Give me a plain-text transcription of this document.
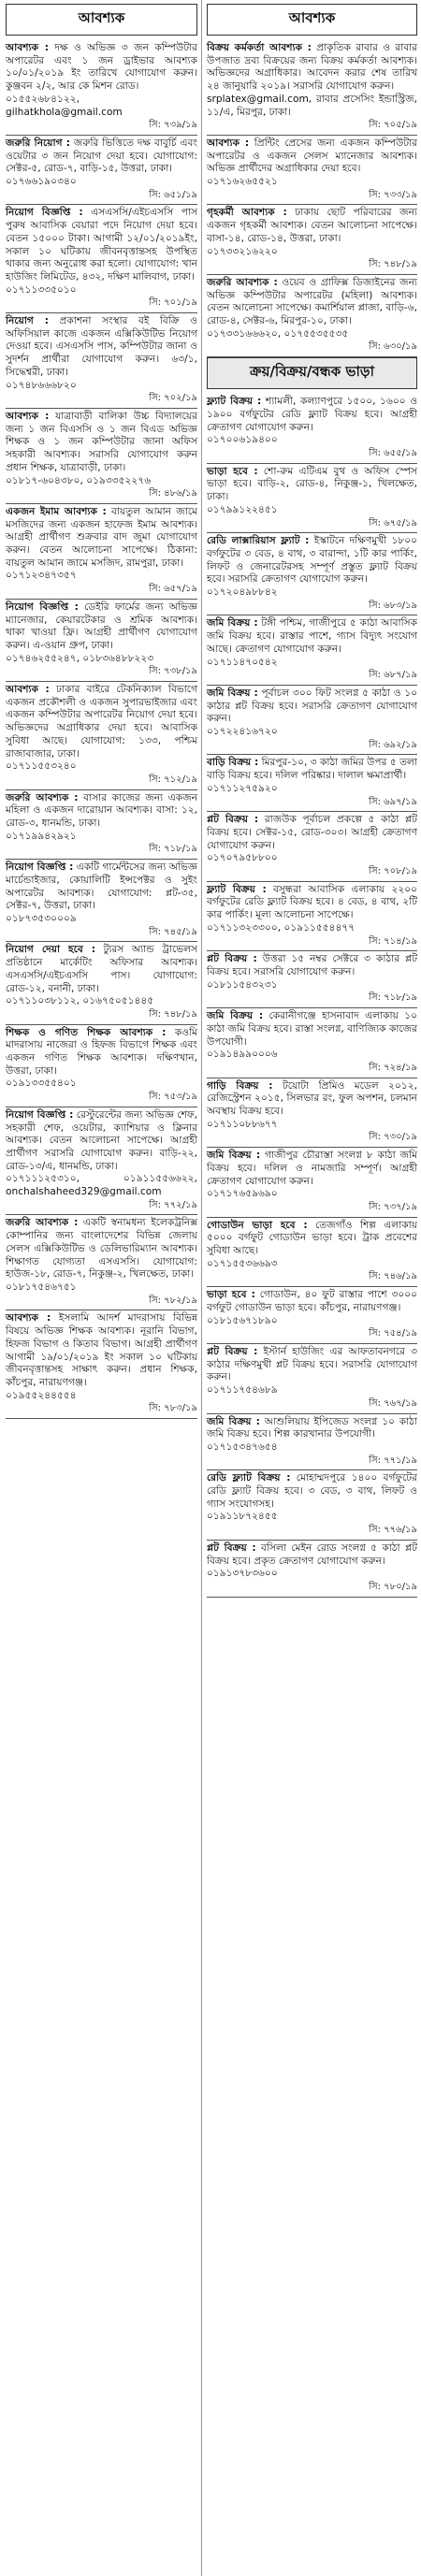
আবশ্যক

আবশ্যক : দক্ষ ও অভিজ্ঞ ৩ জন কম্পিউটার অপারেটর এবং ১ জন ড্রাইভার আবশ্যক ১০/০১/২০১৯ ইং তারিখে যোগাযোগ করুন। কুঞ্জবন ২/২, আর কে মিশন রোড।
০১৫৫২৬৮৪১২২, gilhatkhola@gmail.com
সি: ৭৩৯/১৯

জরুরি নিয়োগ : জরুরি ভিত্তিতে দক্ষ বাবুর্চি এবং ওয়েটার ৩ জন নিয়োগ দেয়া হবে। যোগাযোগ: সেক্টর-৫, রোড-৭, বাড়ি-১৫, উত্তরা, ঢাকা।
০১৭৬৬১৯০৩৪০
সি: ৬৫১/১৯

নিয়োগ বিজ্ঞপ্তি : এসএসসি/এইচএসসি পাস পুরুষ আবাসিক বেয়ারা পদে নিয়োগ দেয়া হবে। বেতন ১৫০০০ টাকা। আগামী ১২/০১/২০১৯ইং, সকাল ১০ ঘটিকায় জীবনবৃত্তান্তসহ উপস্থিত থাকার জন্য অনুরোধ করা হলো। যোগাযোগ: খান হাউজিং লিমিটেড, ৪৩২, দক্ষিণ মালিবাগ, ঢাকা।
০১৭১১৩৩৫০১০
সি: ৭০১/১৯

নিয়োগ : প্রকাশনা সংস্থার বই বিক্রি ও অফিসিয়াল কাজে একজন এক্সিকিউটিভ নিয়োগ দেওয়া হবে। এসএসসি পাস, কম্পিউটার জানা ও সুদর্শন প্রার্থীরা যোগাযোগ করুন। ৬৩/১, সিদ্ধেশ্বরী, ঢাকা।
০১৭৪৮৬৬৬৮২০
সি: ৭০২/১৯

আবশ্যক : যাত্রাবাড়ী বালিকা উচ্চ বিদ্যালয়ের জন্য ১ জন বিএসসি ও ১ জন বিএড অভিজ্ঞ শিক্ষক ও ১ জন কম্পিউটার জানা অফিস সহকারী আবশ্যক। সরাসরি যোগাযোগ করুন প্রধান শিক্ষক, যাত্রাবাড়ী, ঢাকা।
০১৮১৭-৬০৪৩৮০, ০১৯৩৩৫২২৭৬
সি: ৪৮৬/১৯

একজন ইমাম আবশ্যক : বায়তুল আমান জামে মসজিদের জন্য একজন হাফেজ ইমাম আবশ্যক। আগ্রহী প্রার্থীগণ শুক্রবার বাদ জুমা যোগাযোগ করুন। বেতন আলোচনা সাপেক্ষে। ঠিকানা: বায়তুল আমান জামে মসজিদ, রামপুরা, ঢাকা।
০১৭১২৩৪৭৩৫৭
সি: ৬৫৭/১৯

নিয়োগ বিজ্ঞপ্তি : ডেইরি ফার্মের জন্য অভিজ্ঞ ম্যানেজার, কেয়ারটেকার ও শ্রমিক আবশ্যক। থাকা খাওয়া ফ্রি। আগ্রহী প্রার্থীগণ যোগাযোগ করুন। এ-ওয়ান গ্রুপ, ঢাকা।
০১৭৪৬২৫৫২৪৭, ০১৮৩৬৪৮৮২২৩
সি: ৭৩৮/১৯

আবশ্যক : ঢাকার বাইরে টেকনিক্যাল বিভাগে একজন প্রকৌশলী ও একজন সুপারভাইজার এবং একজন কম্পিউটার অপারেটর নিয়োগ দেয়া হবে। অভিজ্ঞদের অগ্রাধিকার দেয়া হবে। আবাসিক সুবিধা আছে। যোগাযোগ: ১৩৩, পশ্চিম রাজাবাজার, ঢাকা।
০১৭১১৫৫৩২৪০
সি: ৭১২/১৯

জরুরি আবশ্যক : বাসার কাজের জন্য একজন মহিলা ও একজন দারোয়ান আবশ্যক। বাসা: ১২, রোড-৩, ধানমন্ডি, ঢাকা।
০১৭১৯৯৪২৯২১
সি: ৭১৮/১৯

নিয়োগ বিজ্ঞপ্তি : একটি গার্মেন্টসের জন্য অভিজ্ঞ মার্চেন্ডাইজার, কোয়ালিটি ইন্সপেক্টর ও সুইং অপারেটর আবশ্যক। যোগাযোগ: প্লট-৩৫, সেক্টর-৭, উত্তরা, ঢাকা।
০১৮৭৩৫৩০০০৯
সি: ৭৪৫/১৯

নিয়োগ দেয়া হবে : ট্যুরস অ্যান্ড ট্রাভেলস প্রতিষ্ঠানে মার্কেটিং অফিসার আবশ্যক। এসএসসি/এইচএসসি পাস। যোগাযোগ: রোড-১২, বনানী, ঢাকা।
০১৭১১০৩৮১১২, ০১৬৭৫০৫১৪৪৫
সি: ৭৪৮/১৯

শিক্ষক ও গণিত শিক্ষক আবশ্যক : কওমি মাদরাসায় নাজেরা ও হিফজ বিভাগে শিক্ষক এবং একজন গণিত শিক্ষক আবশ্যক। দক্ষিণখান, উত্তরা, ঢাকা।
০১৯১৩৩৫৫৪০১
সি: ৭৫৩/১৯

নিয়োগ বিজ্ঞপ্তি : রেস্টুরেন্টের জন্য অভিজ্ঞ শেফ, সহকারী শেফ, ওয়েটার, ক্যাশিয়ার ও ক্লিনার আবশ্যক। বেতন আলোচনা সাপেক্ষে। আগ্রহী প্রার্থীগণ সরাসরি যোগাযোগ করুন। বাড়ি-২২, রোড-১৩/এ, ধানমন্ডি, ঢাকা।
০১৭১১১২৫৩১০, ০১৯১১৫৫৬৬২২, onchalshaheed329@gmail.com
সি: ৭৭২/১৯

জরুরি আবশ্যক : একটি স্বনামধন্য ইলেকট্রনিক্স কোম্পানির জন্য বাংলাদেশের বিভিন্ন জেলায় সেলস এক্সিকিউটিভ ও ডেলিভারিম্যান আবশ্যক। শিক্ষাগত যোগ্যতা এসএসসি। যোগাযোগ: হাউজ-১৮, রোড-৭, নিকুঞ্জ-২, খিলক্ষেত, ঢাকা।
০১৮১৭৫৪৬৭৫১
সি: ৭৮২/১৯

আবশ্যক : ইসলামি আদর্শ মাদরাসায় বিভিন্ন বিষয়ে অভিজ্ঞ শিক্ষক আবশ্যক। নূরানি বিভাগ, হিফজ বিভাগ ও কিতাব বিভাগ। আগ্রহী প্রার্থীগণ আগামী ১৯/০১/২০১৯ ইং সকাল ১০ ঘটিকায় জীবনবৃত্তান্তসহ সাক্ষাৎ করুন। প্রধান শিক্ষক, কাঁচপুর, নারায়ণগঞ্জ।
০১৯৫৫২৪৪৫৫৪
সি: ৭৮৩/১৯

আবশ্যক

বিক্রয় কর্মকর্তা আবশ্যক : প্রাকৃতিক রাবার ও রাবার উপজাত দ্রব্য বিক্রয়ের জন্য বিক্রয় কর্মকর্তা আবশ্যক। অভিজ্ঞদের অগ্রাধিকার। আবেদন করার শেষ তারিখ ২৪ জানুয়ারি ২০১৯। সরাসরি যোগাযোগ করুন।
srplatex@gmail.com, রাবার প্রসেসিং ইন্ডাস্ট্রিজ, ১১/এ, মিরপুর, ঢাকা।
সি: ৭০৫/১৯

আবশ্যক : প্রিন্টিং প্রেসের জন্য একজন কম্পিউটার অপারেটর ও একজন সেলস ম্যানেজার আবশ্যক। অভিজ্ঞ প্রার্থীদের অগ্রাধিকার দেয়া হবে।
০১৭১৬২৬৫৫২১
সি: ৭৩৩/১৯

গৃহকর্মী আবশ্যক : ঢাকায় ছোট পরিবারের জন্য একজন গৃহকর্মী আবশ্যক। বেতন আলোচনা সাপেক্ষে। বাসা-১৪, রোড-১৪, উত্তরা, ঢাকা।
০১৭৩৩২১৬২২০
সি: ৭৪৮/১৯

জরুরি আবশ্যক : ওয়েব ও গ্রাফিক্স ডিজাইনের জন্য অভিজ্ঞ কম্পিউটার অপারেটর (মহিলা) আবশ্যক। বেতন আলোচনা সাপেক্ষে। কমার্শিয়াল প্লাজা, বাড়ি-৬, রোড-৪, সেক্টর-৬, মিরপুর-১০, ঢাকা।
০১৭৩৩১৬৬৬২০, ০১৭৫৫৩৫৫৩৫
সি: ৬৩০/১৯

ক্রয়/বিক্রয়/বন্ধক ভাড়া

ফ্ল্যাট বিক্রয় : শ্যামলী, কল্যাণপুরে ১৫০০, ১৬০০ ও ১৯০০ বর্গফুটের রেডি ফ্ল্যাট বিক্রয় হবে। আগ্রহী ক্রেতাগণ যোগাযোগ করুন।
০১৭০০৬১৯৪০০
সি: ৬৫৫/১৯

ভাড়া হবে : শো-রুম এটিএম বুথ ও অফিস স্পেস ভাড়া হবে। বাড়ি-২, রোড-৪, নিকুঞ্জ-১, খিলক্ষেত, ঢাকা।
০১৭৯৯১২২৪৫১
সি: ৬৭৫/১৯

রেডি লাক্সারিয়াস ফ্ল্যাট : ইস্কাটনে দক্ষিণমুখী ১৮০০ বর্গফুটের ৩ বেড, ৪ বাথ, ৩ বারান্দা, ১টি কার পার্কিং, লিফট ও জেনারেটরসহ সম্পূর্ণ প্রস্তুত ফ্ল্যাট বিক্রয় হবে। সরাসরি ক্রেতাগণ যোগাযোগ করুন।
০১৭২০৪৯৮৮৪২
সি: ৬৮৩/১৯

জমি বিক্রয় : টঙ্গী পশ্চিম, গাজীপুরে ৫ কাঠা আবাসিক জমি বিক্রয় হবে। রাস্তার পাশে, গ্যাস বিদ্যুৎ সংযোগ আছে। ক্রেতাগণ যোগাযোগ করুন।
০১৭১১৪৭০৫৪২
সি: ৬৮৭/১৯

জমি বিক্রয় : পূর্বাচল ৩০০ ফিট সংলগ্ন ৫ কাঠা ও ১০ কাঠার প্লট বিক্রয় হবে। সরাসরি ক্রেতাগণ যোগাযোগ করুন।
০১৭২২৪১৬৭২০
সি: ৬৯২/১৯

বাড়ি বিক্রয় : মিরপুর-১০, ৩ কাঠা জমির উপর ৫ তলা বাড়ি বিক্রয় হবে। দলিল পরিষ্কার। দালাল ক্ষমাপ্রার্থী।
০১৭১১২৭৫৯২০
সি: ৬৯৭/১৯

প্লট বিক্রয় : রাজউক পূর্বাচল প্রকল্পে ৫ কাঠা প্লট বিক্রয় হবে। সেক্টর-১৫, রোড-৩০৩। আগ্রহী ক্রেতাগণ যোগাযোগ করুন।
০১৭০৭৯৫৮৮০০
সি: ৭০৮/১৯

ফ্ল্যাট বিক্রয় : বসুন্ধরা আবাসিক এলাকায় ২২০০ বর্গফুটের রেডি ফ্ল্যাট বিক্রয় হবে। ৪ বেড, ৪ বাথ, ২টি কার পার্কিং। মূল্য আলোচনা সাপেক্ষে।
০১৭১১৩২৩৩০০, ০১৯১১৫৫৪৪৭৭
সি: ৭১৪/১৯

প্লট বিক্রয় : উত্তরা ১৫ নম্বর সেক্টরে ৩ কাঠার প্লট বিক্রয় হবে। সরাসরি যোগাযোগ করুন।
০১৮১১৫৪৩২৩১
সি: ৭১৮/১৯

জমি বিক্রয় : কেরানীগঞ্জে হাসনাবাদ এলাকায় ১০ কাঠা জমি বিক্রয় হবে। রাস্তা সংলগ্ন, বাণিজ্যিক কাজের উপযোগী।
০১৯১৪৯৯০০০৬
সি: ৭২৪/১৯

গাড়ি বিক্রয় : টয়োটা প্রিমিও মডেল ২০১২, রেজিস্ট্রেশন ২০১৫, সিলভার রং, ফুল অপশন, চলমান অবস্থায় বিক্রয় হবে।
০১৭১১০৮৮৬৭৭
সি: ৭৩০/১৯

জমি বিক্রয় : গাজীপুর চৌরাস্তা সংলগ্ন ৮ কাঠা জমি বিক্রয় হবে। দলিল ও নামজারি সম্পূর্ণ। আগ্রহী ক্রেতাগণ যোগাযোগ করুন।
০১৭১৭৬৫৯৬৯০
সি: ৭৩৭/১৯

গোডাউন ভাড়া হবে : তেজগাঁও শিল্প এলাকায় ৫০০০ বর্গফুট গোডাউন ভাড়া হবে। ট্রাক প্রবেশের সুবিধা আছে।
০১৭১৫৫৩৬৬৯৩
সি: ৭৪৬/১৯

ভাড়া হবে : গোডাউন, ৪০ ফুট রাস্তার পাশে ৩০০০ বর্গফুট গোডাউন ভাড়া হবে। কাঁচপুর, নারায়ণগঞ্জ।
০১৮১৫৬৭১৮৯০
সি: ৭৫৪/১৯

প্লট বিক্রয় : ইস্টার্ন হাউজিং এর আফতাবনগরে ৩ কাঠার দক্ষিণমুখী প্লট বিক্রয় হবে। সরাসরি যোগাযোগ করুন।
০১৭১১৭৫৪৬৮৯
সি: ৭৬৭/১৯

জমি বিক্রয় : আশুলিয়ায় ইপিজেড সংলগ্ন ১০ কাঠা জমি বিক্রয় হবে। শিল্প কারখানার উপযোগী।
০১৭১৫৩৪৭৬৫৪
সি: ৭৭১/১৯

রেডি ফ্ল্যাট বিক্রয় : মোহাম্মদপুরে ১৪০০ বর্গফুটের রেডি ফ্ল্যাট বিক্রয় হবে। ৩ বেড, ৩ বাথ, লিফট ও গ্যাস সংযোগসহ।
০১৯১১৮৭২৪৫৫
সি: ৭৭৬/১৯

প্লট বিক্রয় : বসিলা মেইন রোড সংলগ্ন ৫ কাঠা প্লট বিক্রয় হবে। প্রকৃত ক্রেতাগণ যোগাযোগ করুন।
০১৯১৩৭৮৩৬০০
সি: ৭৮০/১৯
